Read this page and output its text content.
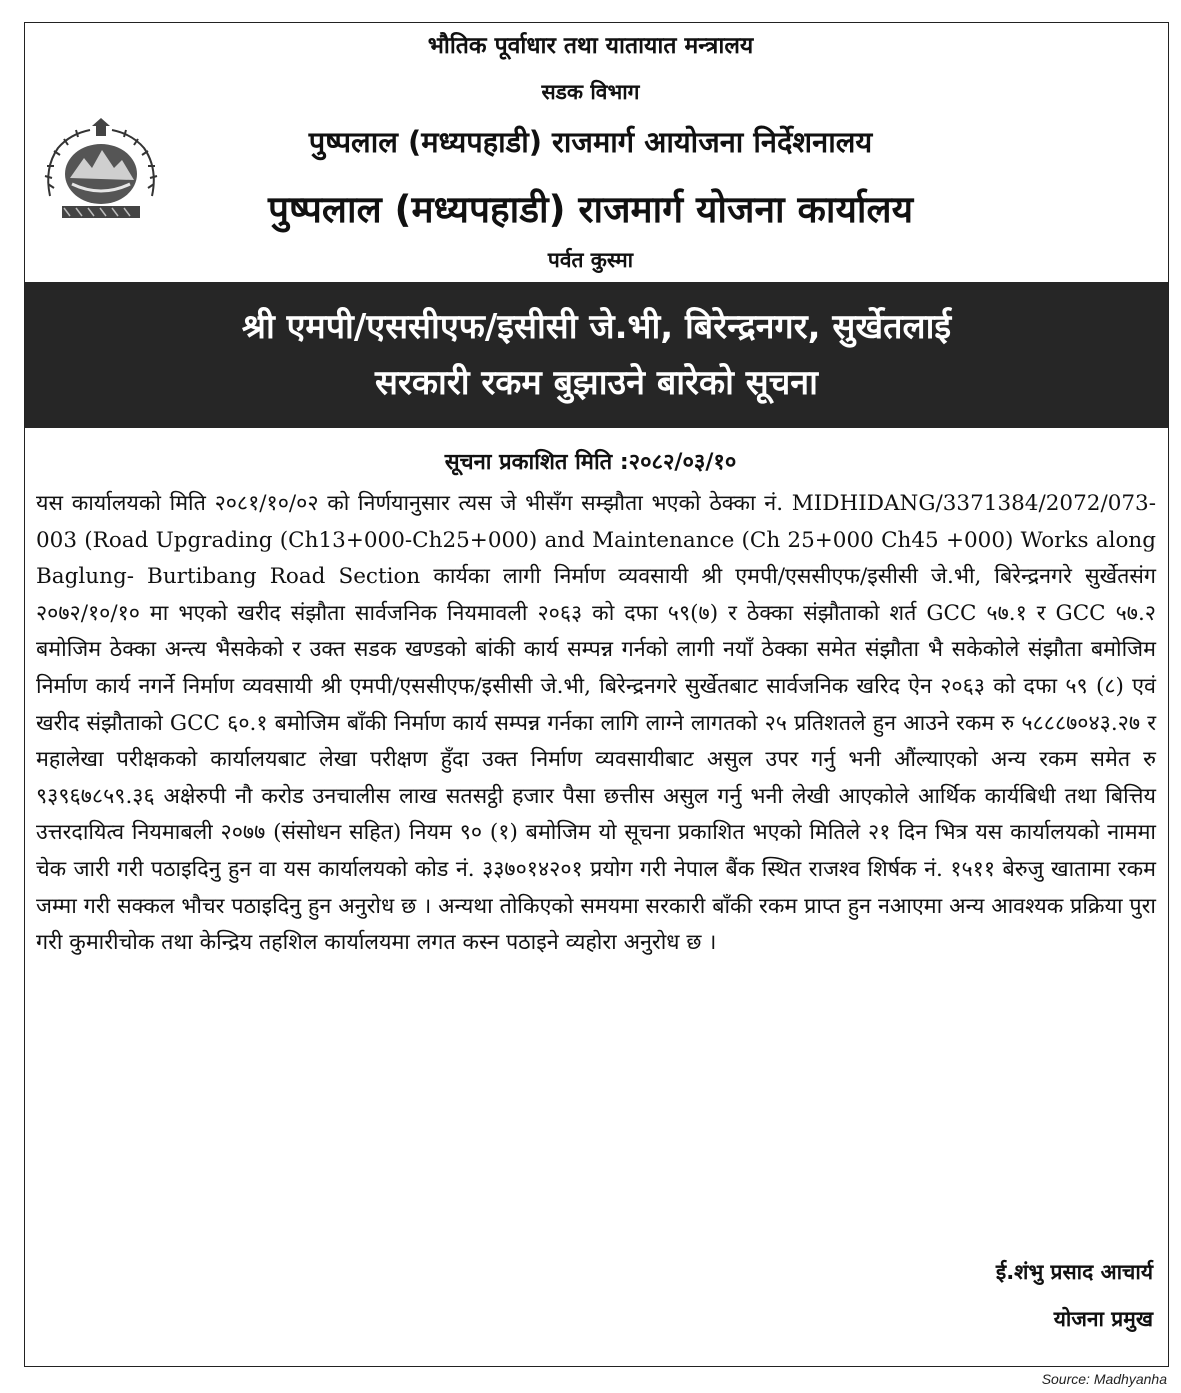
भौतिक पूर्वाधार तथा यातायात मन्त्रालय
सडक विभाग
पुष्पलाल (मध्यपहाडी) राजमार्ग आयोजना निर्देशनालय
पुष्पलाल (मध्यपहाडी) राजमार्ग योजना कार्यालय
पर्वत कुस्मा
श्री एमपी/एससीएफ/इसीसी जे.भी, बिरेन्द्रनगर, सुर्खेतलाई
सरकारी रकम बुझाउने बारेको सूचना
सूचना प्रकाशित मिति :२०८२/०३/१०
यस कार्यालयको मिति २०८१/१०/०२ को निर्णयानुसार त्यस जे भीसँग सम्झौता भएको ठेक्का नं. MIDHIDANG/3371384/2072/073-003 (Road Upgrading (Ch13+000-Ch25+000) and Maintenance (Ch 25+000 Ch45 +000) Works along Baglung- Burtibang Road Section कार्यका लागी निर्माण व्यवसायी श्री एमपी/एससीएफ/इसीसी जे.भी, बिरेन्द्रनगरे सुर्खेतसंग २०७२/१०/१० मा भएको खरीद संझौता सार्वजनिक नियमावली २०६३ को दफा ५९(७) र ठेक्का संझौताको शर्त GCC ५७.१ र GCC ५७.२ बमोजिम ठेक्का अन्त्य भैसकेको र उक्त सडक खण्डको बांकी कार्य सम्पन्न गर्नको लागी नयाँ ठेक्का समेत संझौता भै सकेकोले संझौता बमोजिम निर्माण कार्य नगर्ने निर्माण व्यवसायी श्री एमपी/एससीएफ/इसीसी जे.भी, बिरेन्द्रनगरे सुर्खेतबाट सार्वजनिक खरिद ऐन २०६३ को दफा ५९ (८) एवं खरीद संझौताको GCC ६०.१ बमोजिम बाँकी निर्माण कार्य सम्पन्न गर्नका लागि लाग्ने लागतको २५ प्रतिशतले हुन आउने रकम रु ५८८८७०४३.२७ र महालेखा परीक्षकको कार्यालयबाट लेखा परीक्षण हुँदा उक्त निर्माण व्यवसायीबाट असुल उपर गर्नु भनी औंल्याएको अन्य रकम समेत रु ९३९६७८५९.३६ अक्षेरुपी नौ करोड उनचालीस लाख सतसट्ठी हजार पैसा छत्तीस असुल गर्नु भनी लेखी आएकोले आर्थिक कार्यबिधी तथा बित्तिय उत्तरदायित्व नियमाबली २०७७ (संसोधन सहित) नियम ९० (१) बमोजिम यो सूचना प्रकाशित भएको मितिले २१ दिन भित्र यस कार्यालयको नाममा चेक जारी गरी पठाइदिनु हुन वा यस कार्यालयको कोड नं. ३३७०१४२०१ प्रयोग गरी नेपाल बैंक स्थित राजश्व शिर्षक नं. १५११ बेरुजु खातामा रकम जम्मा गरी सक्कल भौचर पठाइदिनु हुन अनुरोध छ । अन्यथा तोकिएको समयमा सरकारी बाँकी रकम प्राप्त हुन नआएमा अन्य आवश्यक प्रक्रिया पुरा गरी कुमारीचोक तथा केन्द्रिय तहशिल कार्यालयमा लगत कस्न पठाइने व्यहोरा अनुरोध छ ।
ई.शंभु प्रसाद आचार्य
योजना प्रमुख
Source: Madhyanha
